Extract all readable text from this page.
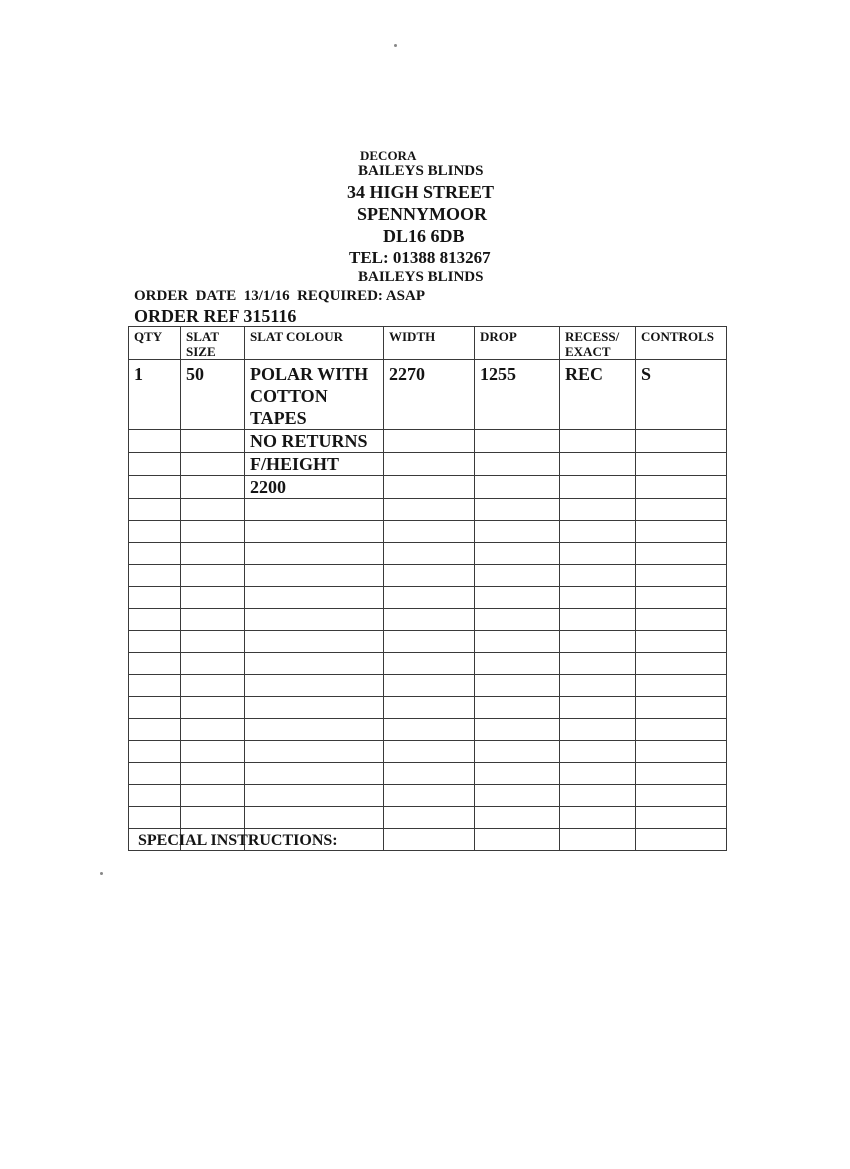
DECORA
BAILEYS BLINDS
34 HIGH STREET
SPENNYMOOR
DL16 6DB
TEL: 01388 813267
BAILEYS BLINDS
ORDER  DATE  13/1/16  REQUIRED: ASAP
ORDER REF 315116
QTY	SLAT SIZE	SLAT COLOUR	WIDTH	DROP	RECESS/ EXACT	CONTROLS
1	50	POLAR WITH COTTON TAPES	2270	1255	REC	S
		NO RETURNS				
		F/HEIGHT				
		2200				

SPECIAL INSTRUCTIONS:
